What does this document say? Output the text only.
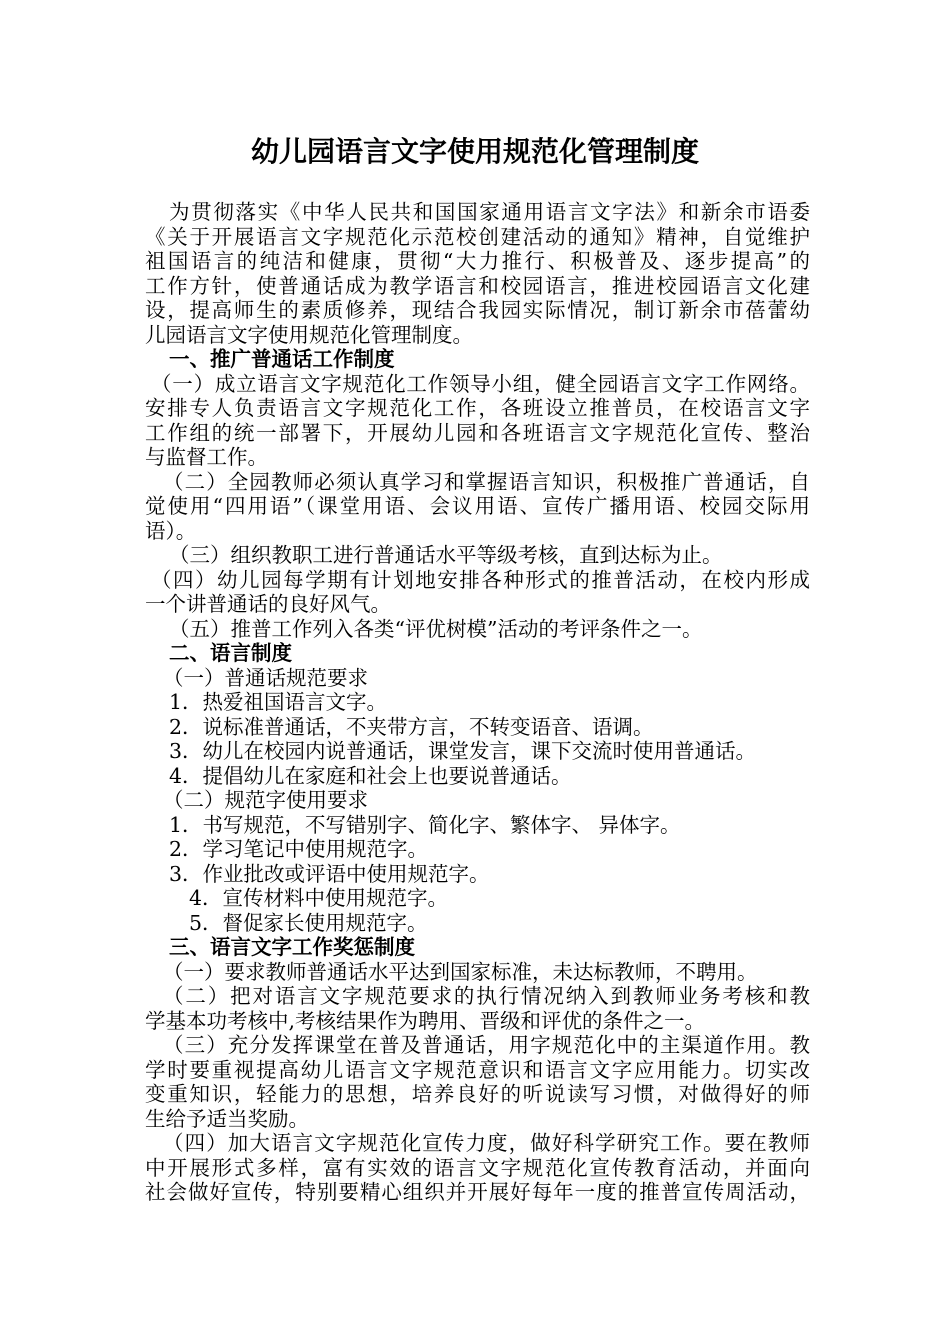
幼儿园语言文字使用规范化管理制度
为贯彻落实《中华人民共和国国家通用语言文字法》和新余市语委
《关于开展语言文字规范化示范校创建活动的通知》精神，自觉维护
祖国语言的纯洁和健康，贯彻“大力推行、积极普及、逐步提高”的
工作方针，使普通话成为教学语言和校园语言，推进校园语言文化建
设，提高师生的素质修养，现结合我园实际情况，制订新余市蓓蕾幼
儿园语言文字使用规范化管理制度。
一、推广普通话工作制度
（一）成立语言文字规范化工作领导小组，健全园语言文字工作网络。
安排专人负责语言文字规范化工作，各班设立推普员，在校语言文字
工作组的统一部署下，开展幼儿园和各班语言文字规范化宣传、整治
与监督工作。
（二）全园教师必须认真学习和掌握语言知识，积极推广普通话，自
觉使用“四用语”（课堂用语、会议用语、宣传广播用语、校园交际用
语）。
（三）组织教职工进行普通话水平等级考核，直到达标为止。
（四）幼儿园每学期有计划地安排各种形式的推普活动，在校内形成
一个讲普通话的良好风气。
（五）推普工作列入各类“评优树模”活动的考评条件之一。
二、语言制度
（一）普通话规范要求
1．热爱祖国语言文字。
2．说标准普通话，不夹带方言，不转变语音、语调。
3．幼儿在校园内说普通话，课堂发言，课下交流时使用普通话。
4．提倡幼儿在家庭和社会上也要说普通话。
（二）规范字使用要求
1．书写规范，不写错别字、简化字、繁体字、 异体字。
2．学习笔记中使用规范字。
3．作业批改或评语中使用规范字。
4．宣传材料中使用规范字。
5．督促家长使用规范字。
三、语言文字工作奖惩制度
（一）要求教师普通话水平达到国家标准，未达标教师，不聘用。
（二）把对语言文字规范要求的执行情况纳入到教师业务考核和教
学基本功考核中,考核结果作为聘用、晋级和评优的条件之一。
（三）充分发挥课堂在普及普通话，用字规范化中的主渠道作用。教
学时要重视提高幼儿语言文字规范意识和语言文字应用能力。切实改
变重知识，轻能力的思想，培养良好的听说读写习惯，对做得好的师
生给予适当奖励。
（四）加大语言文字规范化宣传力度，做好科学研究工作。要在教师
中开展形式多样，富有实效的语言文字规范化宣传教育活动，并面向
社会做好宣传，特别要精心组织并开展好每年一度的推普宣传周活动，
